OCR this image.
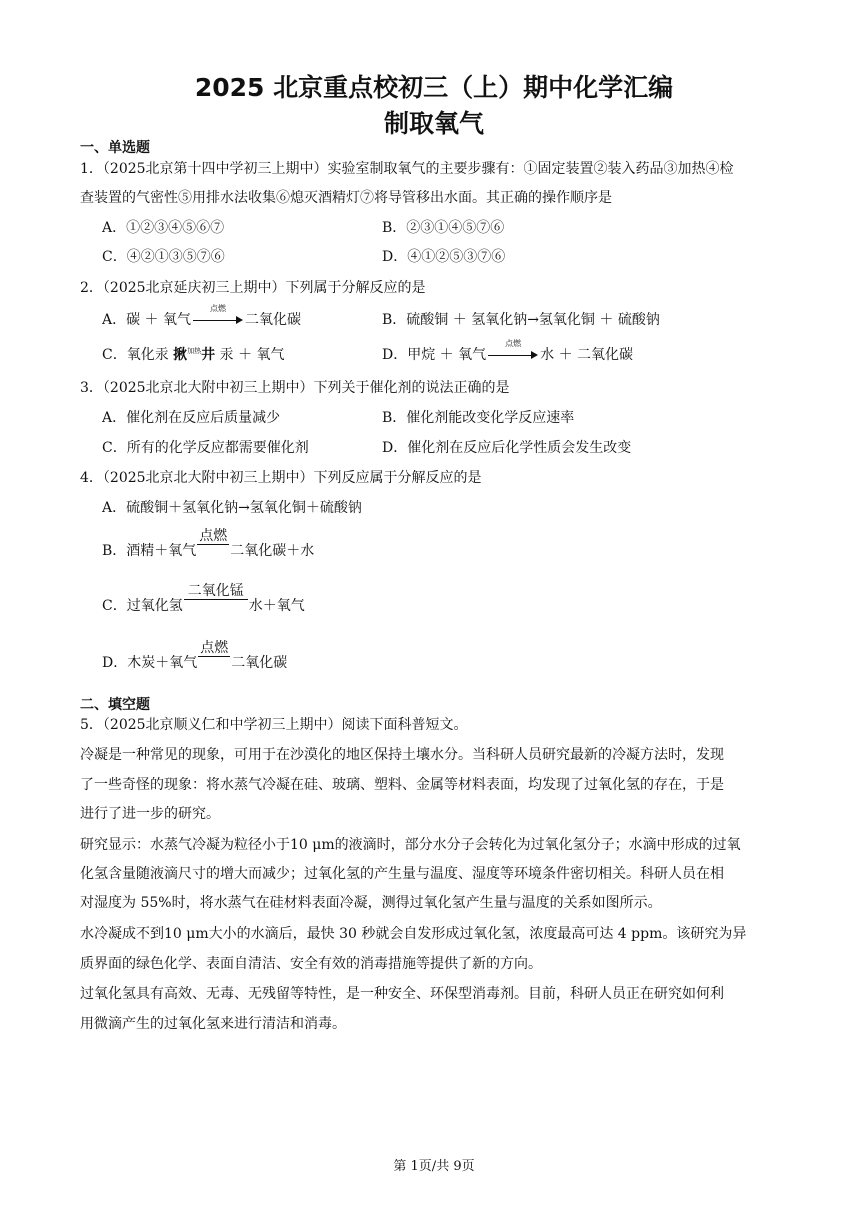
2025 北京重点校初三（上）期中化学汇编
制取氧气
一、单选题
1．（2025北京第十四中学初三上期中）实验室制取氧气的主要步骤有：①固定装置②装入药品③加热④检
查装置的气密性⑤用排水法收集⑥熄灭酒精灯⑦将导管移出水面。其正确的操作顺序是
A．①②③④⑤⑥⑦	B．②③①④⑤⑦⑥
C．④②①③⑤⑦⑥	D．④①②⑤③⑦⑥
2．（2025北京延庆初三上期中）下列属于分解反应的是
A．碳 ＋ 氧气
点燃
二氧化碳	B．硫酸铜 ＋ 氢氧化钠→氢氧化铜 ＋ 硫酸钠
C．氧化汞 揪$^{加热}$井 汞 ＋ 氧气	D．甲烷 ＋ 氧气
点燃
水 ＋ 二氧化碳
3．（2025北京北大附中初三上期中）下列关于催化剂的说法正确的是
A．催化剂在反应后质量减少	B．催化剂能改变化学反应速率
C．所有的化学反应都需要催化剂	D．催化剂在反应后化学性质会发生改变
4．（2025北京北大附中初三上期中）下列反应属于分解反应的是
A．硫酸铜＋氢氧化钠→氢氧化铜＋硫酸钠
B．酒精＋氧气
点燃
二氧化碳＋水
C．过氧化氢
二氧化锰
水＋氧气
D．木炭＋氧气
点燃
二氧化碳
二、填空题
5．（2025北京顺义仁和中学初三上期中）阅读下面科普短文。
冷凝是一种常见的现象，可用于在沙漠化的地区保持土壤水分。当科研人员研究最新的冷凝方法时，发现
了一些奇怪的现象：将水蒸气冷凝在硅、玻璃、塑料、金属等材料表面，均发现了过氧化氢的存在，于是
进行了进一步的研究。
研究显示：水蒸气冷凝为粒径小于10 μm的液滴时，部分水分子会转化为过氧化氢分子；水滴中形成的过氧
化氢含量随液滴尺寸的增大而减少；过氧化氢的产生量与温度、湿度等环境条件密切相关。科研人员在相
对湿度为 55%时，将水蒸气在硅材料表面冷凝，测得过氧化氢产生量与温度的关系如图所示。
水冷凝成不到10 μm大小的水滴后，最快 30 秒就会自发形成过氧化氢，浓度最高可达 4 ppm。该研究为异
质界面的绿色化学、表面自清洁、安全有效的消毒措施等提供了新的方向。
过氧化氢具有高效、无毒、无残留等特性，是一种安全、环保型消毒剂。目前，科研人员正在研究如何利
用微滴产生的过氧化氢来进行清洁和消毒。
第 1页/共 9页
